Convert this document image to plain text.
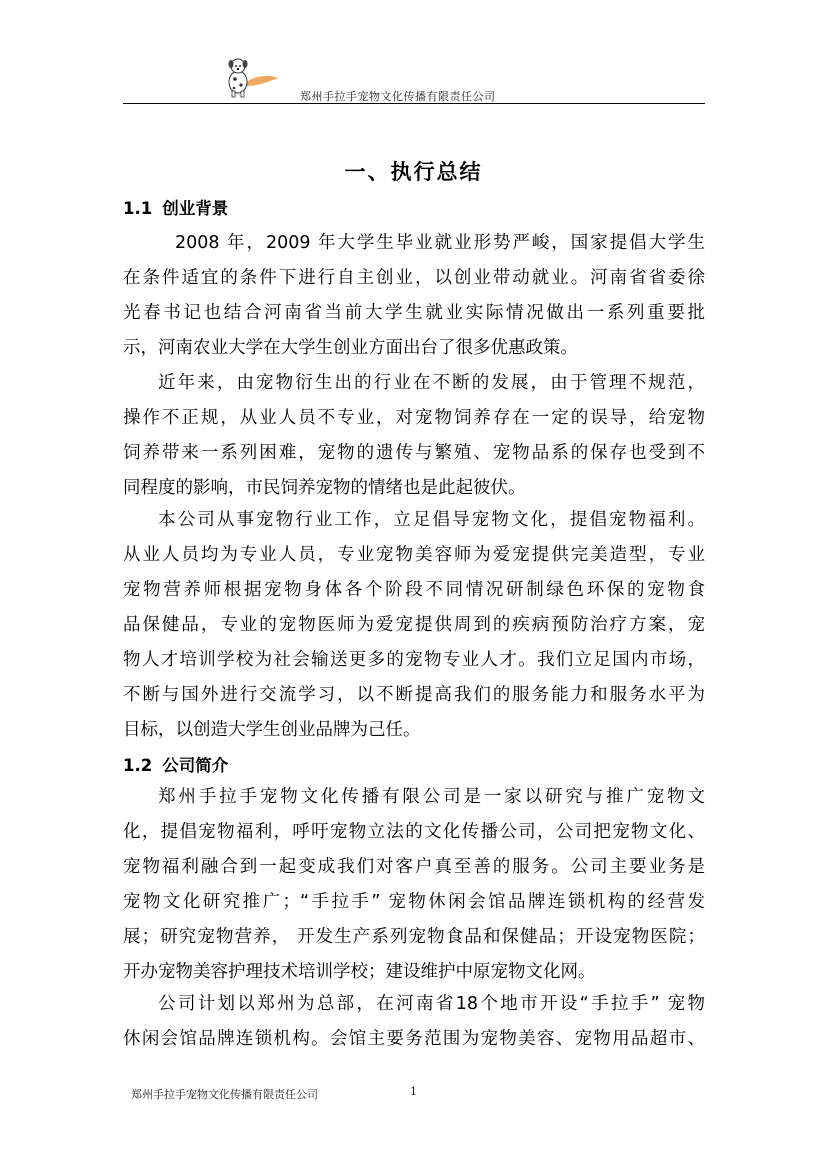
郑州手拉手宠物文化传播有限责任公司
一、执行总结
1.1 创业背景
2008 年，2009 年大学生毕业就业形势严峻，国家提倡大学生
在条件适宜的条件下进行自主创业，以创业带动就业。河南省省委徐
光春书记也结合河南省当前大学生就业实际情况做出一系列重要批
示，河南农业大学在大学生创业方面出台了很多优惠政策。
近年来，由宠物衍生出的行业在不断的发展，由于管理不规范，
操作不正规，从业人员不专业，对宠物饲养存在一定的误导，给宠物
饲养带来一系列困难，宠物的遗传与繁殖、宠物品系的保存也受到不
同程度的影响，市民饲养宠物的情绪也是此起彼伏。
本公司从事宠物行业工作，立足倡导宠物文化，提倡宠物福利。
从业人员均为专业人员，专业宠物美容师为爱宠提供完美造型，专业
宠物营养师根据宠物身体各个阶段不同情况研制绿色环保的宠物食
品保健品，专业的宠物医师为爱宠提供周到的疾病预防治疗方案，宠
物人才培训学校为社会输送更多的宠物专业人才。我们立足国内市场，
不断与国外进行交流学习，以不断提高我们的服务能力和服务水平为
目标，以创造大学生创业品牌为己任。
1.2 公司简介
郑州手拉手宠物文化传播有限公司是一家以研究与推广宠物文
化，提倡宠物福利，呼吁宠物立法的文化传播公司，公司把宠物文化、
宠物福利融合到一起变成我们对客户真至善的服务。公司主要业务是
宠物文化研究推广；“手拉手” 宠物休闲会馆品牌连锁机构的经营发
展；研究宠物营养， 开发生产系列宠物食品和保健品；开设宠物医院；
开办宠物美容护理技术培训学校；建设维护中原宠物文化网。
公司计划以郑州为总部，在河南省18个地市开设“手拉手” 宠物
休闲会馆品牌连锁机构。会馆主要务范围为宠物美容、宠物用品超市、
郑州手拉手宠物文化传播有限责任公司	1
